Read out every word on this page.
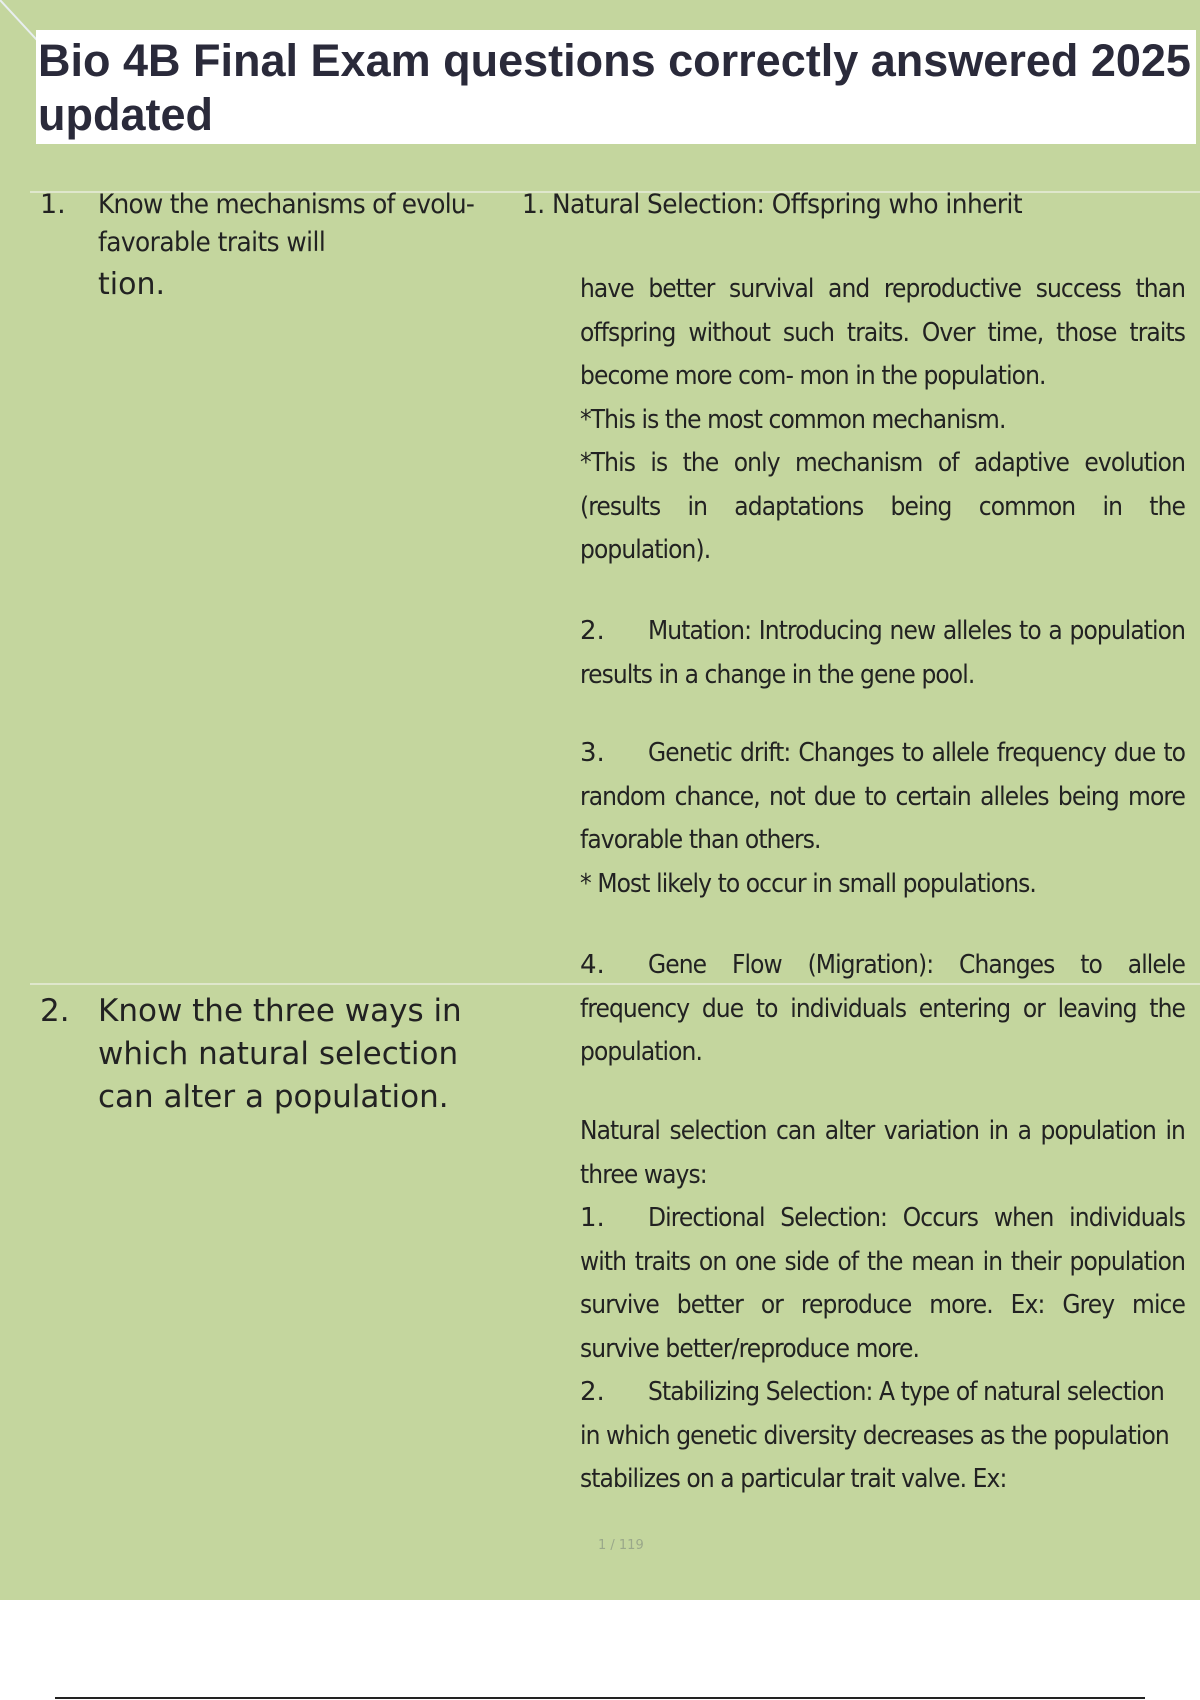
Bio 4B Final Exam questions correctly answered 2025 updated
1. Know the mechanisms of evolu-
favorable traits will
tion.
1. Natural Selection: Offspring who inherit

have better survival and reproductive success than offspring without such traits. Over time, those traits become more com- mon in the population.

*This is the most common mechanism.

*This is the only mechanism of adaptive evolution (results in adaptations being common in the population).

2. Mutation: Introducing new alleles to a population results in a change in the gene pool.

3. Genetic drift: Changes to allele frequency due to random chance, not due to certain alleles being more favorable than others.

* Most likely to occur in small populations.

4. Gene Flow (Migration): Changes to allele frequency due to individuals entering or leaving the population.

2. Know the three ways in which natural selection can alter a population.

Natural selection can alter variation in a population in three ways:

1. Directional Selection: Occurs when individuals with traits on one side of the mean in their population survive better or reproduce more. Ex: Grey mice survive better/reproduce more.

2. Stabilizing Selection: A type of natural selection in which genetic diversity decreases as the population stabilizes on a particular trait valve. Ex:

1 / 119
